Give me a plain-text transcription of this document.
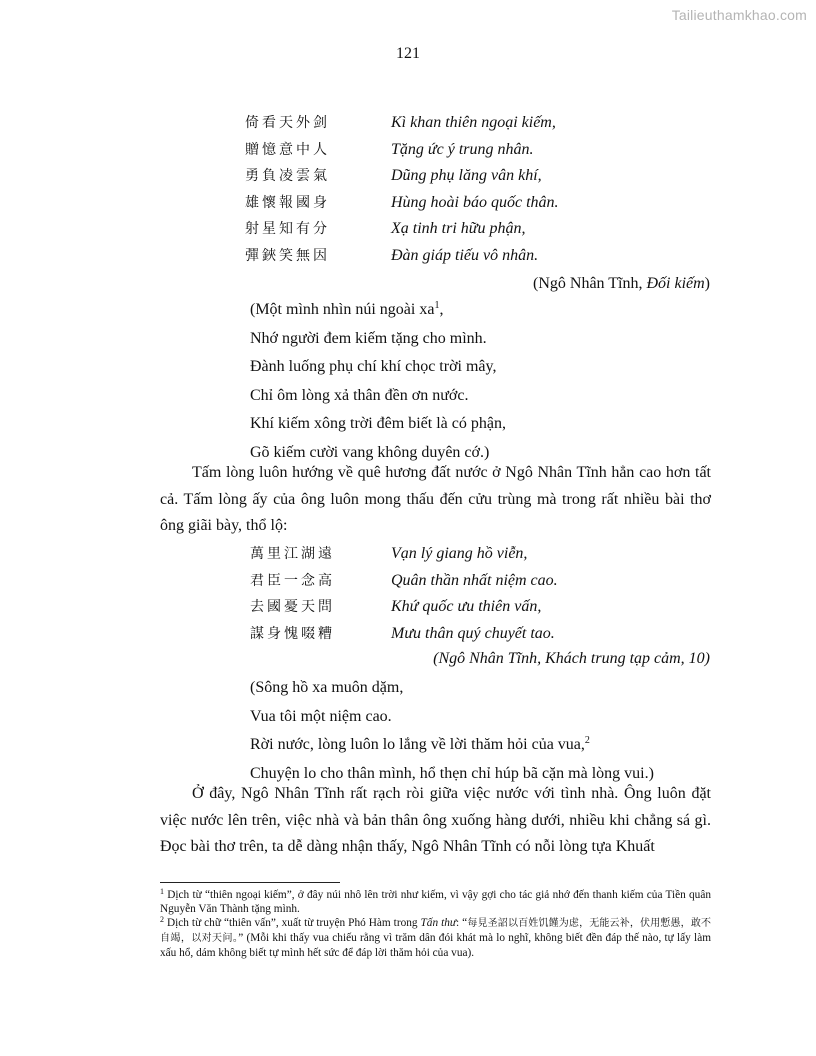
Tailieuthamkhao.com
121
倚看天外剑	Kì khan thiên ngoại kiếm,
贈憶意中人	Tặng ức ý trung nhân.
勇負凌雲氣	Dũng phụ lăng vân khí,
雄懷報國身	Hùng hoài báo quốc thân.
射星知有分	Xạ tinh tri hữu phận,
彈鋏笑無因	Đàn giáp tiếu vô nhân.
(Ngô Nhân Tĩnh, Đối kiếm)
(Một mình nhìn núi ngoài $xa^1$,
Nhớ người đem kiếm tặng cho mình.
Đành luống phụ chí khí chọc trời mây,
Chỉ ôm lòng xả thân đền ơn nước.
Khí kiếm xông trời đêm biết là có phận,
Gõ kiếm cười vang không duyên cớ.)
Tấm lòng luôn hướng về quê hương đất nước ở Ngô Nhân Tĩnh hẳn cao hơn tất cả. Tấm lòng ấy của ông luôn mong thấu đến cửu trùng mà trong rất nhiều bài thơ ông giãi bày, thổ lộ:
萬里江湖遠	Vạn lý giang hồ viễn,
君臣一念高	Quân thần nhất niệm cao.
去國憂天問	Khứ quốc ưu thiên vấn,
謀身愧啜糟	Mưu thân quý chuyết tao.
(Ngô Nhân Tĩnh, Khách trung tạp cảm, 10)
(Sông hồ xa muôn dặm,
Vua tôi một niệm cao.
Rời nước, lòng luôn lo lắng về lời thăm hỏi của vua,$^2$
Chuyện lo cho thân mình, hổ thẹn chỉ húp bã cặn mà lòng vui.)
Ở đây, Ngô Nhân Tĩnh rất rạch ròi giữa việc nước với tình nhà. Ông luôn đặt việc nước lên trên, việc nhà và bản thân ông xuống hàng dưới, nhiều khi chẳng sá gì. Đọc bài thơ trên, ta dễ dàng nhận thấy, Ngô Nhân Tĩnh có nỗi lòng tựa Khuất

$^1$ Dịch từ “thiên ngoại kiếm”, ở đây núi nhô lên trời như kiếm, vì vậy gợi cho tác giả nhớ đến thanh kiếm của Tiền quân Nguyễn Văn Thành tặng mình.

$^2$ Dịch từ chữ “thiên vấn”, xuất từ truyện Phó Hàm trong Tấn thư: “每見圣詔以百姓饥饉为虑，无能云补，伏用慙愚，敢不自竭，以对天问。” (Mỗi khi thấy vua chiếu rằng vì trăm dân đói khát mà lo nghĩ, không biết đền đáp thế nào, tự lấy làm xấu hổ, dám không biết tự mình hết sức để đáp lời thăm hỏi của vua).
